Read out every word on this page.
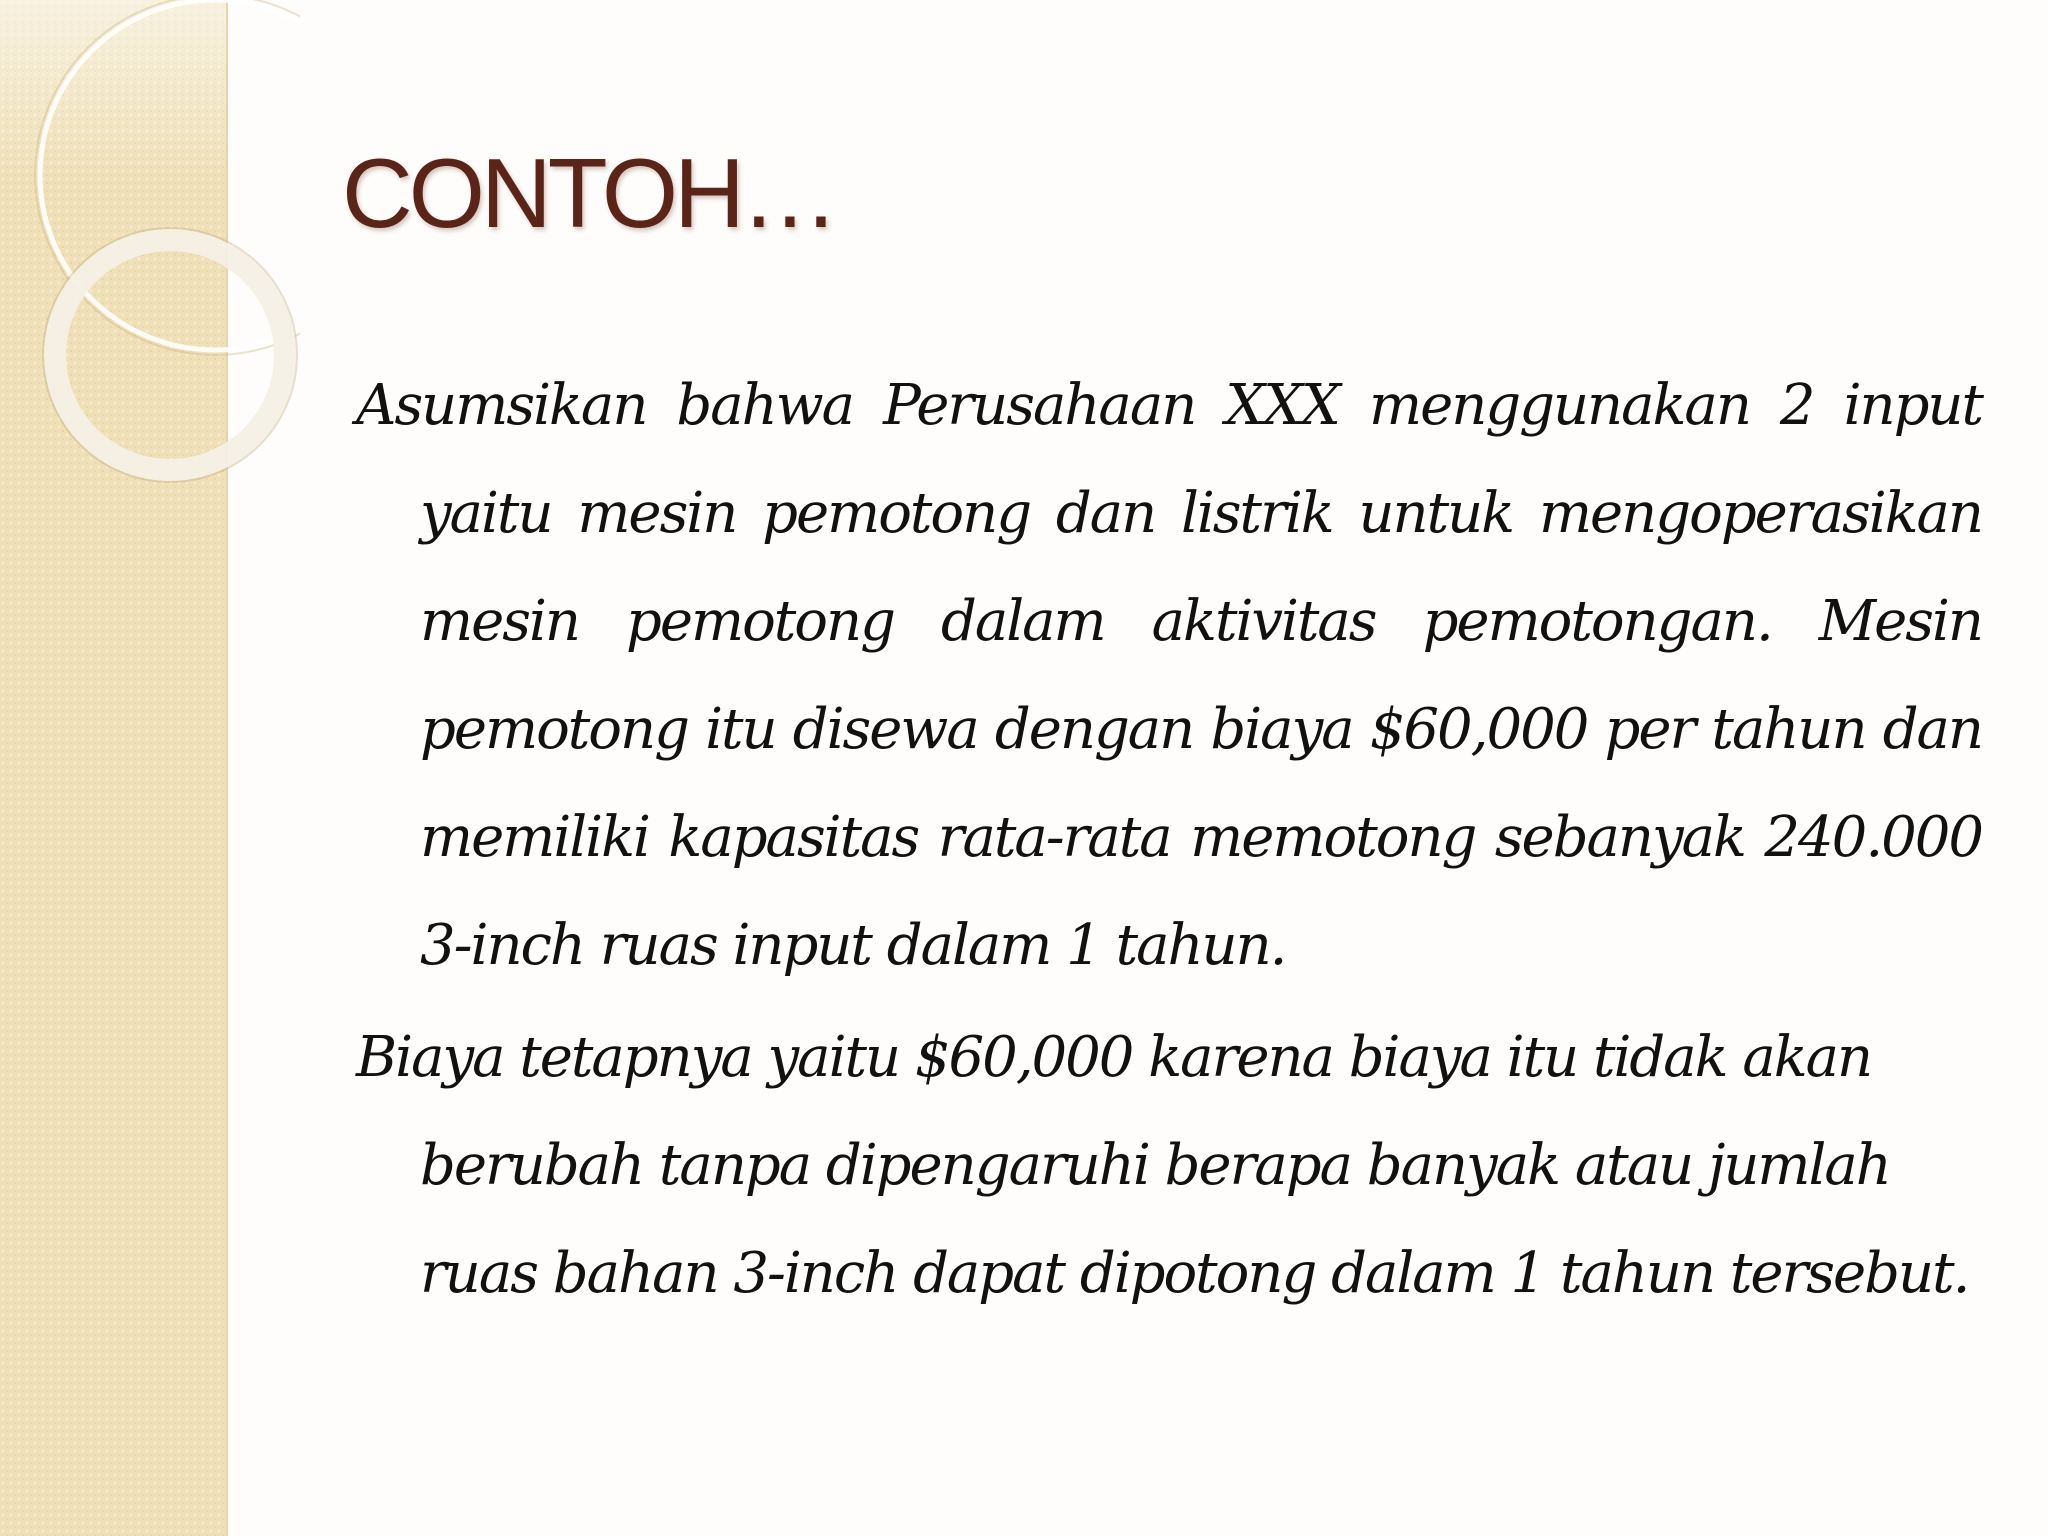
CONTOH…

Asumsikan bahwa Perusahaan XXX menggunakan 2 input yaitu mesin pemotong dan listrik untuk mengoperasikan mesin pemotong dalam aktivitas pemotongan. Mesin pemotong itu disewa dengan biaya $60,000 per tahun dan memiliki kapasitas rata-rata memotong sebanyak 240.000 3-inch ruas input dalam 1 tahun.

Biaya tetapnya yaitu $60,000 karena biaya itu tidak akan berubah tanpa dipengaruhi berapa banyak atau jumlah ruas bahan 3-inch dapat dipotong dalam 1 tahun tersebut.
